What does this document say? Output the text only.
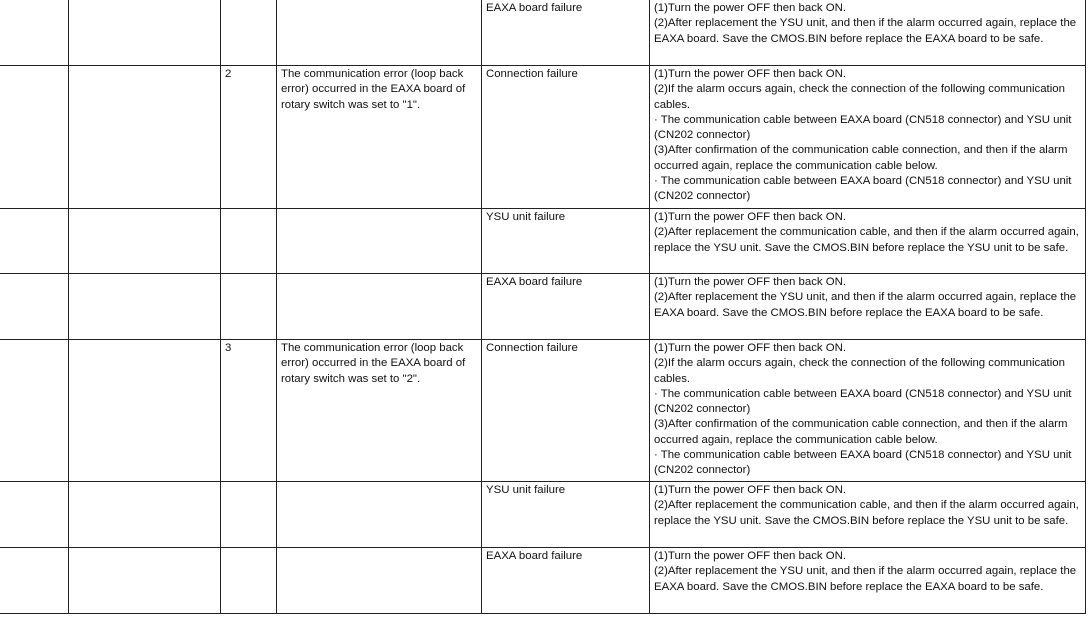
				EAXA board failure	(1)Turn the power OFF then back ON.
(2)After replacement the YSU unit, and then if the alarm occurred again, replace the EAXA board. Save the CMOS.BIN before replace the EAXA board to be safe.

		2	The communication error (loop back error) occurred in the EAXA board of rotary switch was set to "1".	Connection failure	(1)Turn the power OFF then back ON.
(2)If the alarm occurs again, check the connection of the following communication cables.
· The communication cable between EAXA board (CN518 connector) and YSU unit (CN202 connector)
(3)After confirmation of the communication cable connection, and then if the alarm occurred again, replace the communication cable below.
· The communication cable between EAXA board (CN518 connector) and YSU unit (CN202 connector)

				YSU unit failure	(1)Turn the power OFF then back ON.
(2)After replacement the communication cable, and then if the alarm occurred again, replace the YSU unit. Save the CMOS.BIN before replace the YSU unit to be safe.

				EAXA board failure	(1)Turn the power OFF then back ON.
(2)After replacement the YSU unit, and then if the alarm occurred again, replace the EAXA board. Save the CMOS.BIN before replace the EAXA board to be safe.

		3	The communication error (loop back error) occurred in the EAXA board of rotary switch was set to "2".	Connection failure	(1)Turn the power OFF then back ON.
(2)If the alarm occurs again, check the connection of the following communication cables.
· The communication cable between EAXA board (CN518 connector) and YSU unit (CN202 connector)
(3)After confirmation of the communication cable connection, and then if the alarm occurred again, replace the communication cable below.
· The communication cable between EAXA board (CN518 connector) and YSU unit (CN202 connector)

				YSU unit failure	(1)Turn the power OFF then back ON.
(2)After replacement the communication cable, and then if the alarm occurred again, replace the YSU unit. Save the CMOS.BIN before replace the YSU unit to be safe.

				EAXA board failure	(1)Turn the power OFF then back ON.
(2)After replacement the YSU unit, and then if the alarm occurred again, replace the EAXA board. Save the CMOS.BIN before replace the EAXA board to be safe.
